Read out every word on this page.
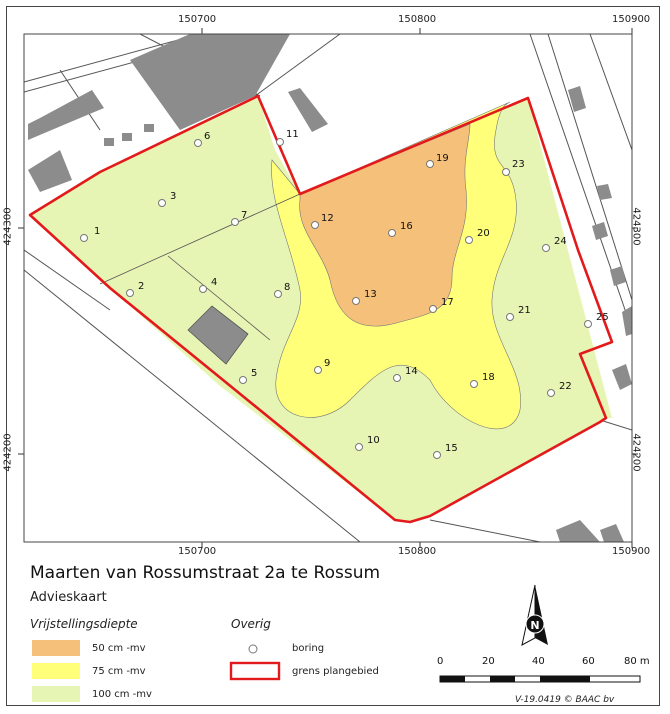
1
2
3
4
5
6
7
8
9
10
11
12
13
14
15
16
17
18
19
20
21
22
23
24
25
N
150700	150800	150900
150700	150800	150900
424300
424200
424300
424200
Maarten van Rossumstraat 2a te Rossum
Advieskaart
Vrijstellingsdiepte
50 cm -mv
75 cm -mv
100 cm -mv
Overig
boring
grens plangebied
0	20	40	60	80 m
V-19.0419 © BAAC bv
